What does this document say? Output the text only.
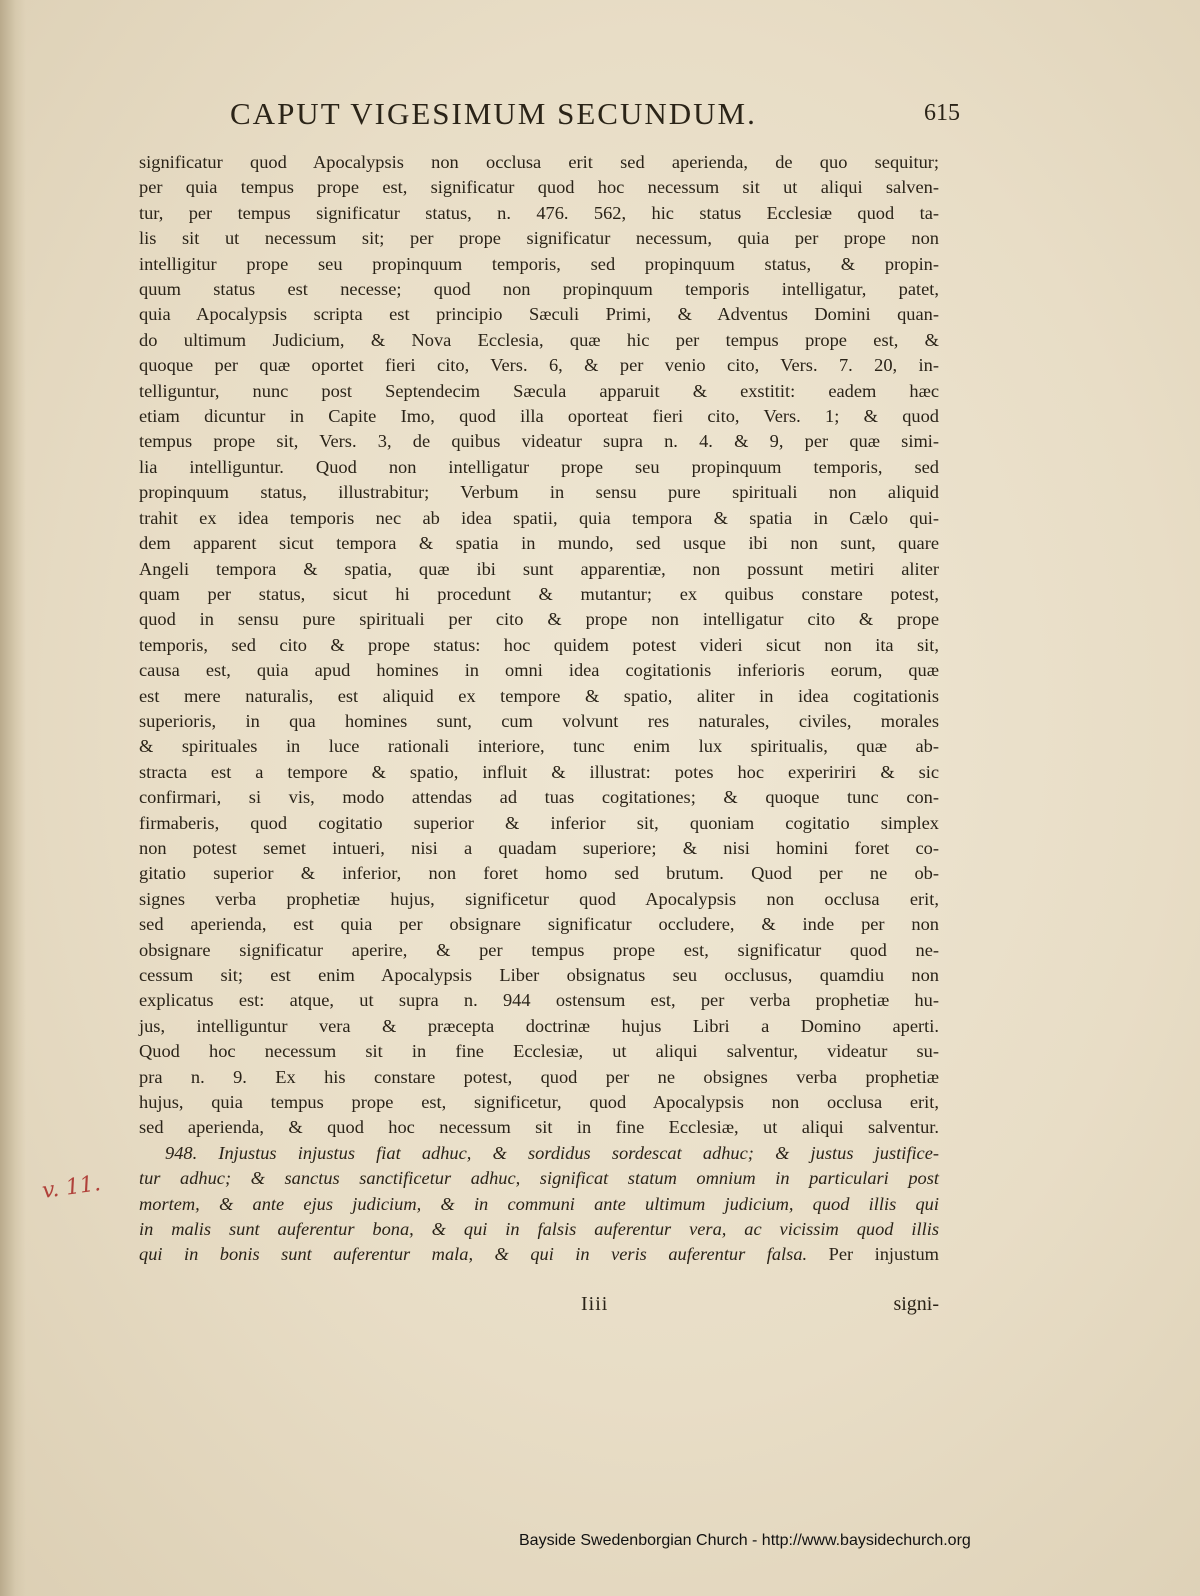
CAPUT VIGESIMUM SECUNDUM.	615
significatur quod Apocalypsis non occlusa erit sed aperienda, de quo sequitur;
per quia tempus prope est, significatur quod hoc necessum sit ut aliqui salven-
tur, per tempus significatur status, n. 476. 562, hic status Ecclesiæ quod ta-
lis sit ut necessum sit; per prope significatur necessum, quia per prope non
intelligitur prope seu propinquum temporis, sed propinquum status, & propin-
quum status est necesse; quod non propinquum temporis intelligatur, patet,
quia Apocalypsis scripta est principio Sæculi Primi, & Adventus Domini quan-
do ultimum Judicium, & Nova Ecclesia, quæ hic per tempus prope est, &
quoque per quæ oportet fieri cito, Vers. 6, & per venio cito, Vers. 7. 20, in-
telliguntur, nunc post Septendecim Sæcula apparuit & exstitit: eadem hæc
etiam dicuntur in Capite Imo, quod illa oporteat fieri cito, Vers. 1; & quod
tempus prope sit, Vers. 3, de quibus videatur supra n. 4. & 9, per quæ simi-
lia intelliguntur. Quod non intelligatur prope seu propinquum temporis, sed
propinquum status, illustrabitur; Verbum in sensu pure spirituali non aliquid
trahit ex idea temporis nec ab idea spatii, quia tempora & spatia in Cælo qui-
dem apparent sicut tempora & spatia in mundo, sed usque ibi non sunt, quare
Angeli tempora & spatia, quæ ibi sunt apparentiæ, non possunt metiri aliter
quam per status, sicut hi procedunt & mutantur; ex quibus constare potest,
quod in sensu pure spirituali per cito & prope non intelligatur cito & prope
temporis, sed cito & prope status: hoc quidem potest videri sicut non ita sit,
causa est, quia apud homines in omni idea cogitationis inferioris eorum, quæ
est mere naturalis, est aliquid ex tempore & spatio, aliter in idea cogitationis
superioris, in qua homines sunt, cum volvunt res naturales, civiles, morales
& spirituales in luce rationali interiore, tunc enim lux spiritualis, quæ ab-
stracta est a tempore & spatio, influit & illustrat: potes hoc expeririri & sic
confirmari, si vis, modo attendas ad tuas cogitationes; & quoque tunc con-
firmaberis, quod cogitatio superior & inferior sit, quoniam cogitatio simplex
non potest semet intueri, nisi a quadam superiore; & nisi homini foret co-
gitatio superior & inferior, non foret homo sed brutum. Quod per ne ob-
signes verba prophetiæ hujus, significetur quod Apocalypsis non occlusa erit,
sed aperienda, est quia per obsignare significatur occludere, & inde per non
obsignare significatur aperire, & per tempus prope est, significatur quod ne-
cessum sit; est enim Apocalypsis Liber obsignatus seu occlusus, quamdiu non
explicatus est: atque, ut supra n. 944 ostensum est, per verba prophetiæ hu-
jus, intelliguntur vera & præcepta doctrinæ hujus Libri a Domino aperti.
Quod hoc necessum sit in fine Ecclesiæ, ut aliqui salventur, videatur su-
pra n. 9. Ex his constare potest, quod per ne obsignes verba prophetiæ
hujus, quia tempus prope est, significetur, quod Apocalypsis non occlusa erit,
sed aperienda, & quod hoc necessum sit in fine Ecclesiæ, ut aliqui salventur.
948. Injustus injustus fiat adhuc, & sordidus sordescat adhuc; & justus justifice-
tur adhuc; & sanctus sanctificetur adhuc, significat statum omnium in particulari post
mortem, & ante ejus judicium, & in communi ante ultimum judicium, quod illis qui
in malis sunt auferentur bona, & qui in falsis auferentur vera, ac vicissim quod illis
qui in bonis sunt auferentur mala, & qui in veris auferentur falsa. Per injustum
Iiii	signi-
v. 11.
Bayside Swedenborgian Church - http://www.baysidechurch.org
